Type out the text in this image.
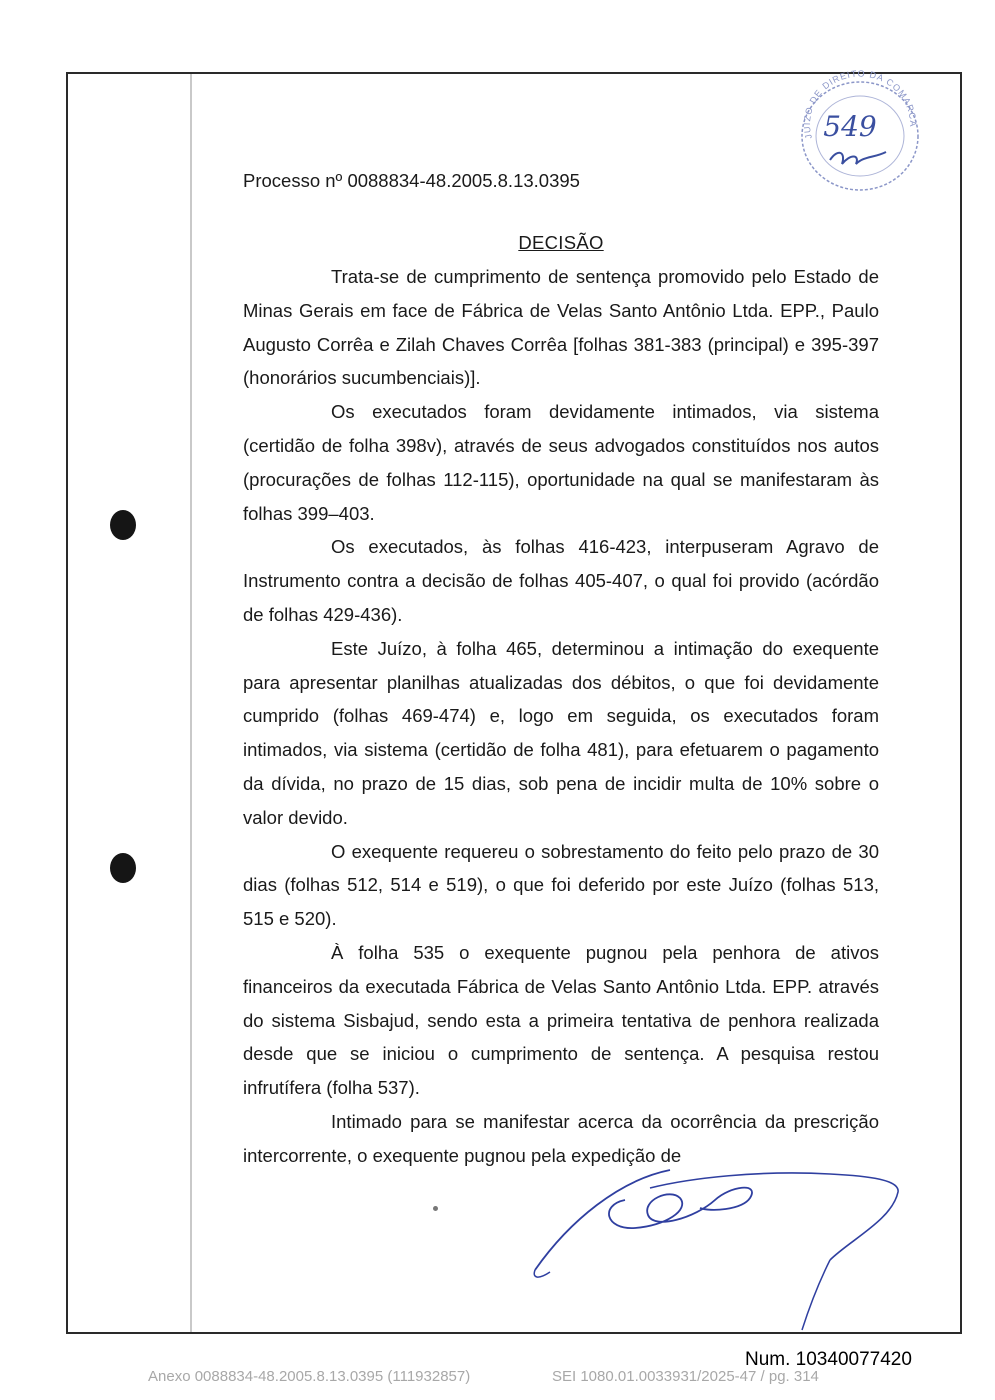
JUIZO DE DIREITO DA COMARCA
549

Processo nº 0088834-48.2005.8.13.0395

DECISÃO

Trata-se de cumprimento de sentença promovido pelo Estado de Minas Gerais em face de Fábrica de Velas Santo Antônio Ltda. EPP., Paulo Augusto Corrêa e Zilah Chaves Corrêa [folhas 381-383 (principal) e 395-397 (honorários sucumbenciais)].

Os executados foram devidamente intimados, via sistema (certidão de folha 398v), através de seus advogados constituídos nos autos (procurações de folhas 112-115), oportunidade na qual se manifestaram às folhas 399–403.

Os executados, às folhas 416-423, interpuseram Agravo de Instrumento contra a decisão de folhas 405-407, o qual foi provido (acórdão de folhas 429-436).

Este Juízo, à folha 465, determinou a intimação do exequente para apresentar planilhas atualizadas dos débitos, o que foi devidamente cumprido (folhas 469-474) e, logo em seguida, os executados foram intimados, via sistema (certidão de folha 481), para efetuarem o pagamento da dívida, no prazo de 15 dias, sob pena de incidir multa de 10% sobre o valor devido.

O exequente requereu o sobrestamento do feito pelo prazo de 30 dias (folhas 512, 514 e 519), o que foi deferido por este Juízo (folhas 513, 515 e 520).

À folha 535 o exequente pugnou pela penhora de ativos financeiros da executada Fábrica de Velas Santo Antônio Ltda. EPP. através do sistema Sisbajud, sendo esta a primeira tentativa de penhora realizada desde que se iniciou o cumprimento de sentença. A pesquisa restou infrutífera (folha 537).

Intimado para se manifestar acerca da ocorrência da prescrição intercorrente, o exequente pugnou pela expedição de

Num. 10340077420
Anexo 0088834-48.2005.8.13.0395 (111932857)	SEI 1080.01.0033931/2025-47 / pg. 314
